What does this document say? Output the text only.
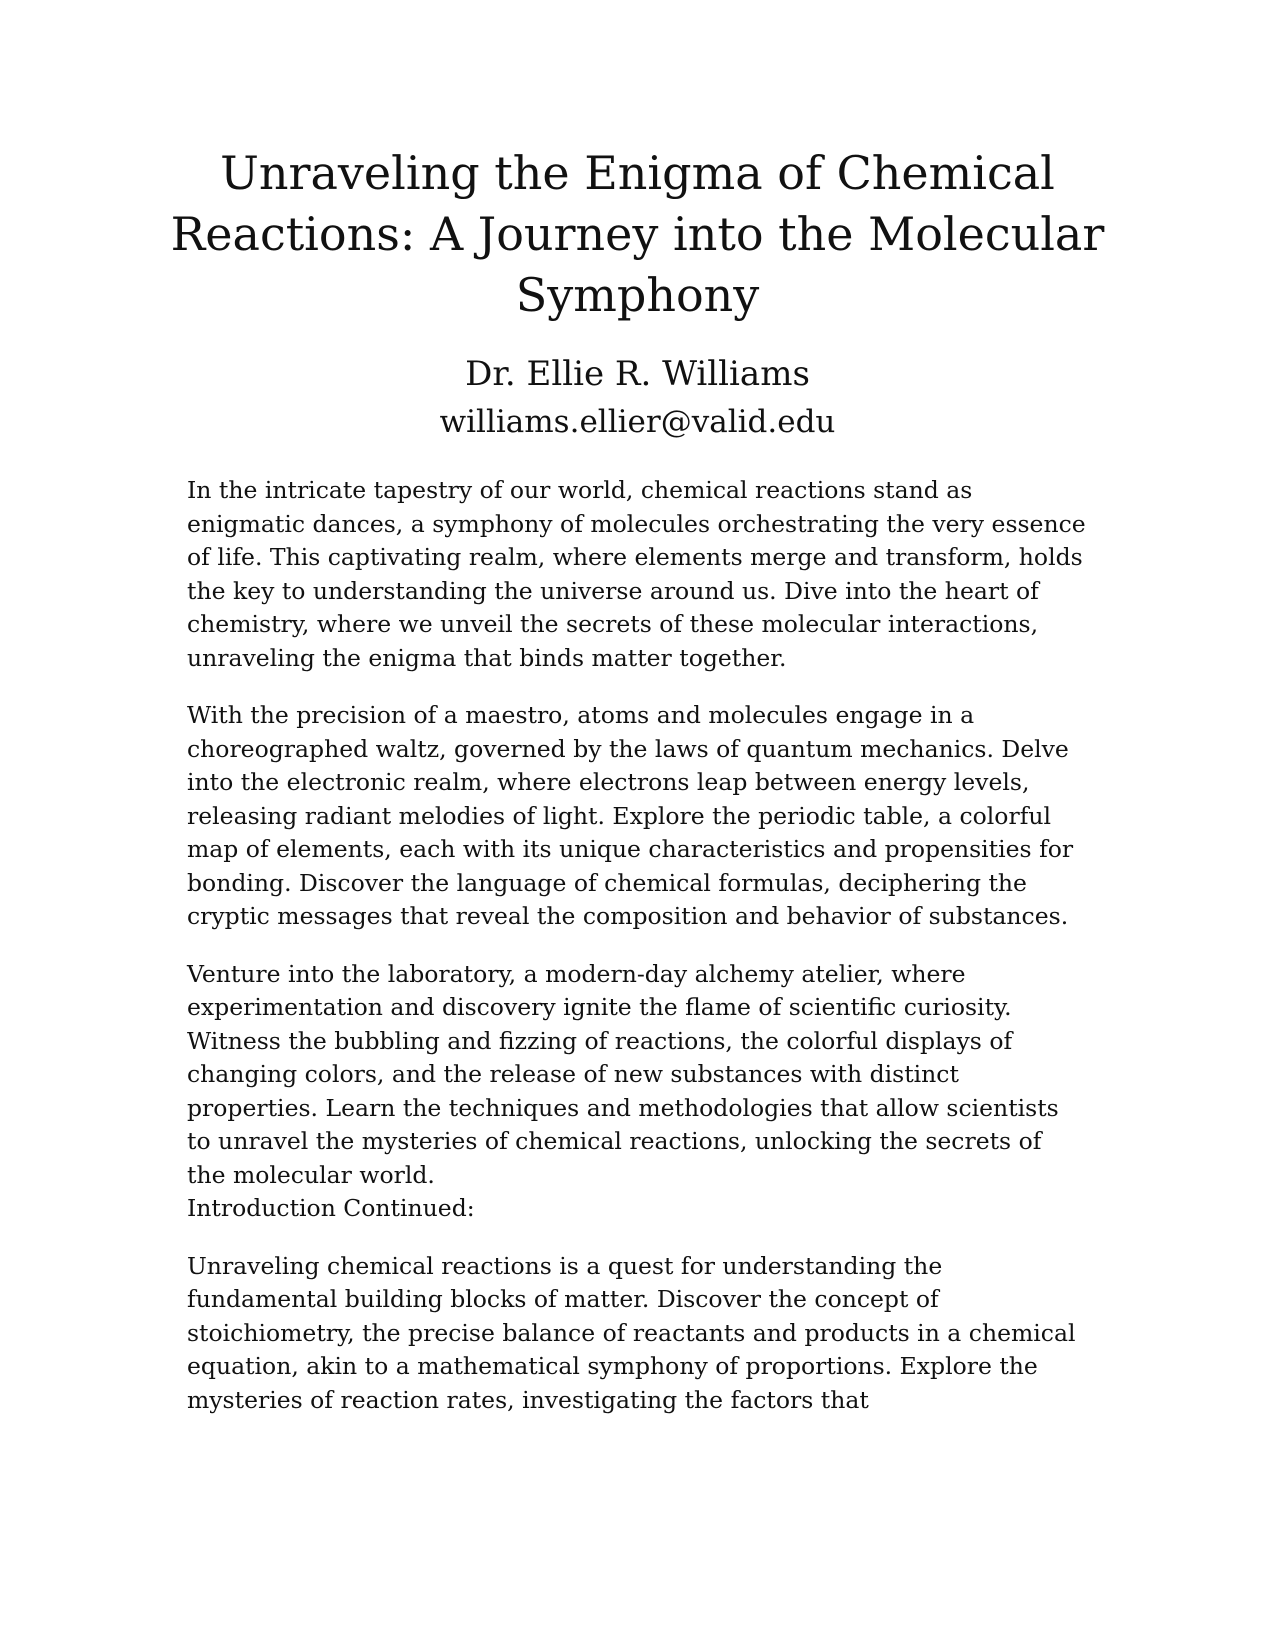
Unraveling the Enigma of Chemical Reactions: A Journey into the Molecular Symphony
Dr. Ellie R. Williams
williams.ellier@valid.edu

In the intricate tapestry of our world, chemical reactions stand as enigmatic dances, a symphony of molecules orchestrating the very essence of life. This captivating realm, where elements merge and transform, holds the key to understanding the universe around us. Dive into the heart of chemistry, where we unveil the secrets of these molecular interactions, unraveling the enigma that binds matter together.

With the precision of a maestro, atoms and molecules engage in a choreographed waltz, governed by the laws of quantum mechanics. Delve into the electronic realm, where electrons leap between energy levels, releasing radiant melodies of light. Explore the periodic table, a colorful map of elements, each with its unique characteristics and propensities for bonding. Discover the language of chemical formulas, deciphering the cryptic messages that reveal the composition and behavior of substances.

Venture into the laboratory, a modern-day alchemy atelier, where experimentation and discovery ignite the flame of scientific curiosity. Witness the bubbling and fizzing of reactions, the colorful displays of changing colors, and the release of new substances with distinct properties. Learn the techniques and methodologies that allow scientists to unravel the mysteries of chemical reactions, unlocking the secrets of the molecular world.

Introduction Continued:

Unraveling chemical reactions is a quest for understanding the fundamental building blocks of matter. Discover the concept of stoichiometry, the precise balance of reactants and products in a chemical equation, akin to a mathematical symphony of proportions. Explore the mysteries of reaction rates, investigating the factors that
